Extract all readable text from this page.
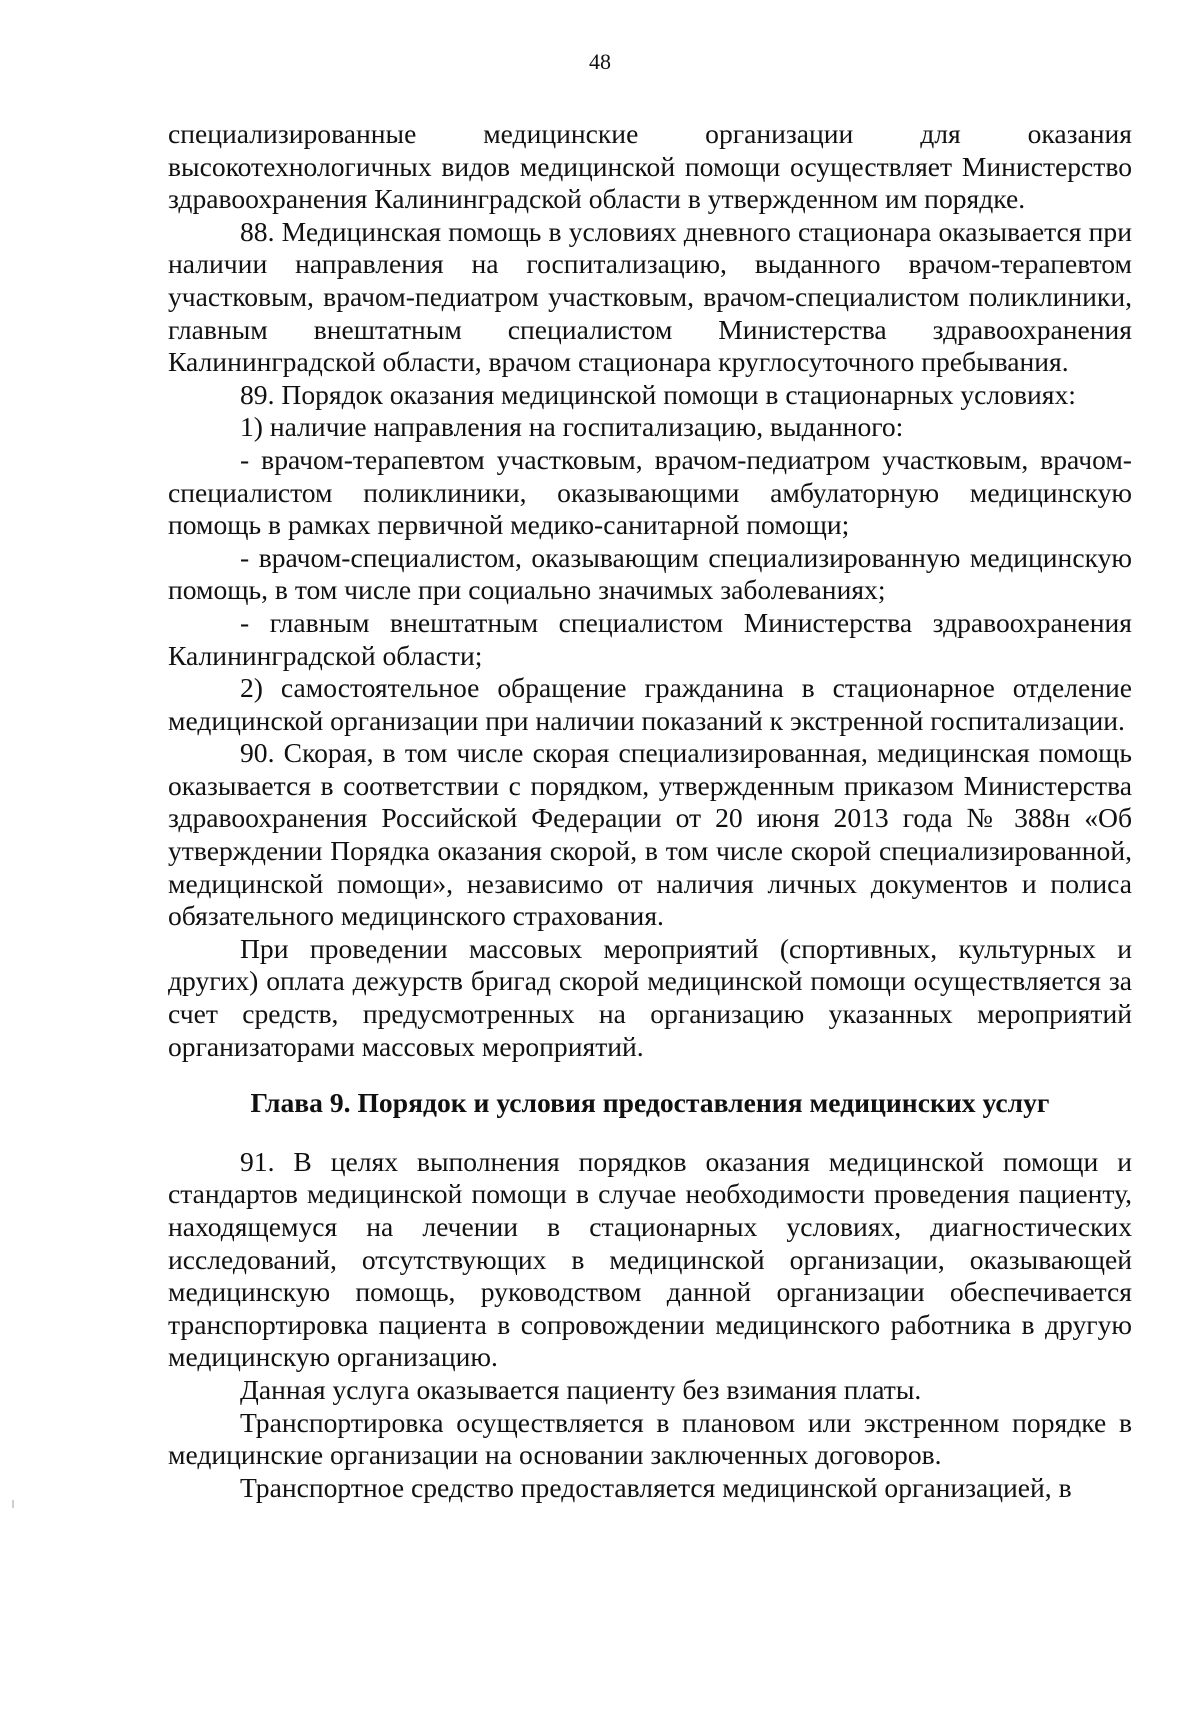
48

специализированные медицинские организации для оказания высокотехнологичных видов медицинской помощи осуществляет Министерство здравоохранения Калининградской области в утвержденном им порядке.

88. Медицинская помощь в условиях дневного стационара оказывается при наличии направления на госпитализацию, выданного врачом-терапевтом участковым, врачом-педиатром участковым, врачом-специалистом поликлиники, главным внештатным специалистом Министерства здравоохранения Калининградской области, врачом стационара круглосуточного пребывания.

89. Порядок оказания медицинской помощи в стационарных условиях:

1) наличие направления на госпитализацию, выданного:

- врачом-терапевтом участковым, врачом-педиатром участковым, врачом-специалистом поликлиники, оказывающими амбулаторную медицинскую помощь в рамках первичной медико-санитарной помощи;

- врачом-специалистом, оказывающим специализированную медицинскую помощь, в том числе при социально значимых заболеваниях;

- главным внештатным специалистом Министерства здравоохранения Калининградской области;

2) самостоятельное обращение гражданина в стационарное отделение медицинской организации при наличии показаний к экстренной госпитализации.

90. Скорая, в том числе скорая специализированная, медицинская помощь оказывается в соответствии с порядком, утвержденным приказом Министерства здравоохранения Российской Федерации от 20 июня 2013 года № 388н «Об утверждении Порядка оказания скорой, в том числе скорой специализированной, медицинской помощи», независимо от наличия личных документов и полиса обязательного медицинского страхования.

При проведении массовых мероприятий (спортивных, культурных и других) оплата дежурств бригад скорой медицинской помощи осуществляется за счет средств, предусмотренных на организацию указанных мероприятий организаторами массовых мероприятий.

Глава 9. Порядок и условия предоставления медицинских услуг

91. В целях выполнения порядков оказания медицинской помощи и стандартов медицинской помощи в случае необходимости проведения пациенту, находящемуся на лечении в стационарных условиях, диагностических исследований, отсутствующих в медицинской организации, оказывающей медицинскую помощь, руководством данной организации обеспечивается транспортировка пациента в сопровождении медицинского работника в другую медицинскую организацию.

Данная услуга оказывается пациенту без взимания платы.

Транспортировка осуществляется в плановом или экстренном порядке в медицинские организации на основании заключенных договоров.

Транспортное средство предоставляется медицинской организацией, в
